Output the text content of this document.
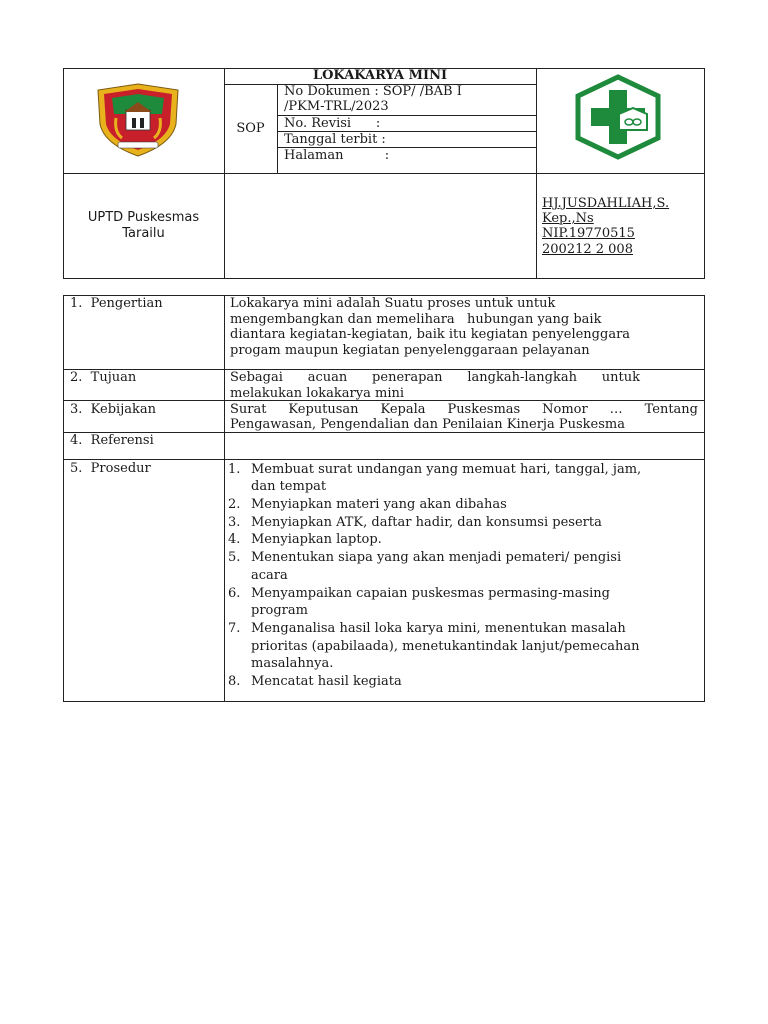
LOKAKARYA MINI
SOP
No Dokumen : SOP/ /BAB I
/PKM-TRL/2023
No. Revisi      :
Tanggal terbit :
Halaman          :
UPTD Puskesmas
Tarailu
HJ.JUSDAHLIAH,S.
Kep.,Ns
NIP.19770515
200212 2 008
1.  Pengertian
2.  Tujuan
3.  Kebijakan
4.  Referensi
5.  Prosedur
Lokakarya mini adalah Suatu proses untuk untuk
mengembangkan dan memelihara   hubungan yang baik
diantara kegiatan-kegiatan, baik itu kegiatan penyelenggara
progam maupun kegiatan penyelenggaraan pelayanan
Sebagai acuan penerapan langkah-langkah untuk
melakukan lokakarya mini
Surat Keputusan Kepala Puskesmas Nomor … Tentang
Pengawasan, Pengendalian dan Penilaian Kinerja Puskesma
1. Membuat surat undangan yang memuat hari, tanggal, jam,
dan tempat
2. Menyiapkan materi yang akan dibahas
3. Menyiapkan ATK, daftar hadir, dan konsumsi peserta
4. Menyiapkan laptop.
5. Menentukan siapa yang akan menjadi pemateri/ pengisi
acara
6. Menyampaikan capaian puskesmas permasing-masing
program
7. Menganalisa hasil loka karya mini, menentukan masalah
prioritas (apabilaada), menetukantindak lanjut/pemecahan
masalahnya.
8. Mencatat hasil kegiata
